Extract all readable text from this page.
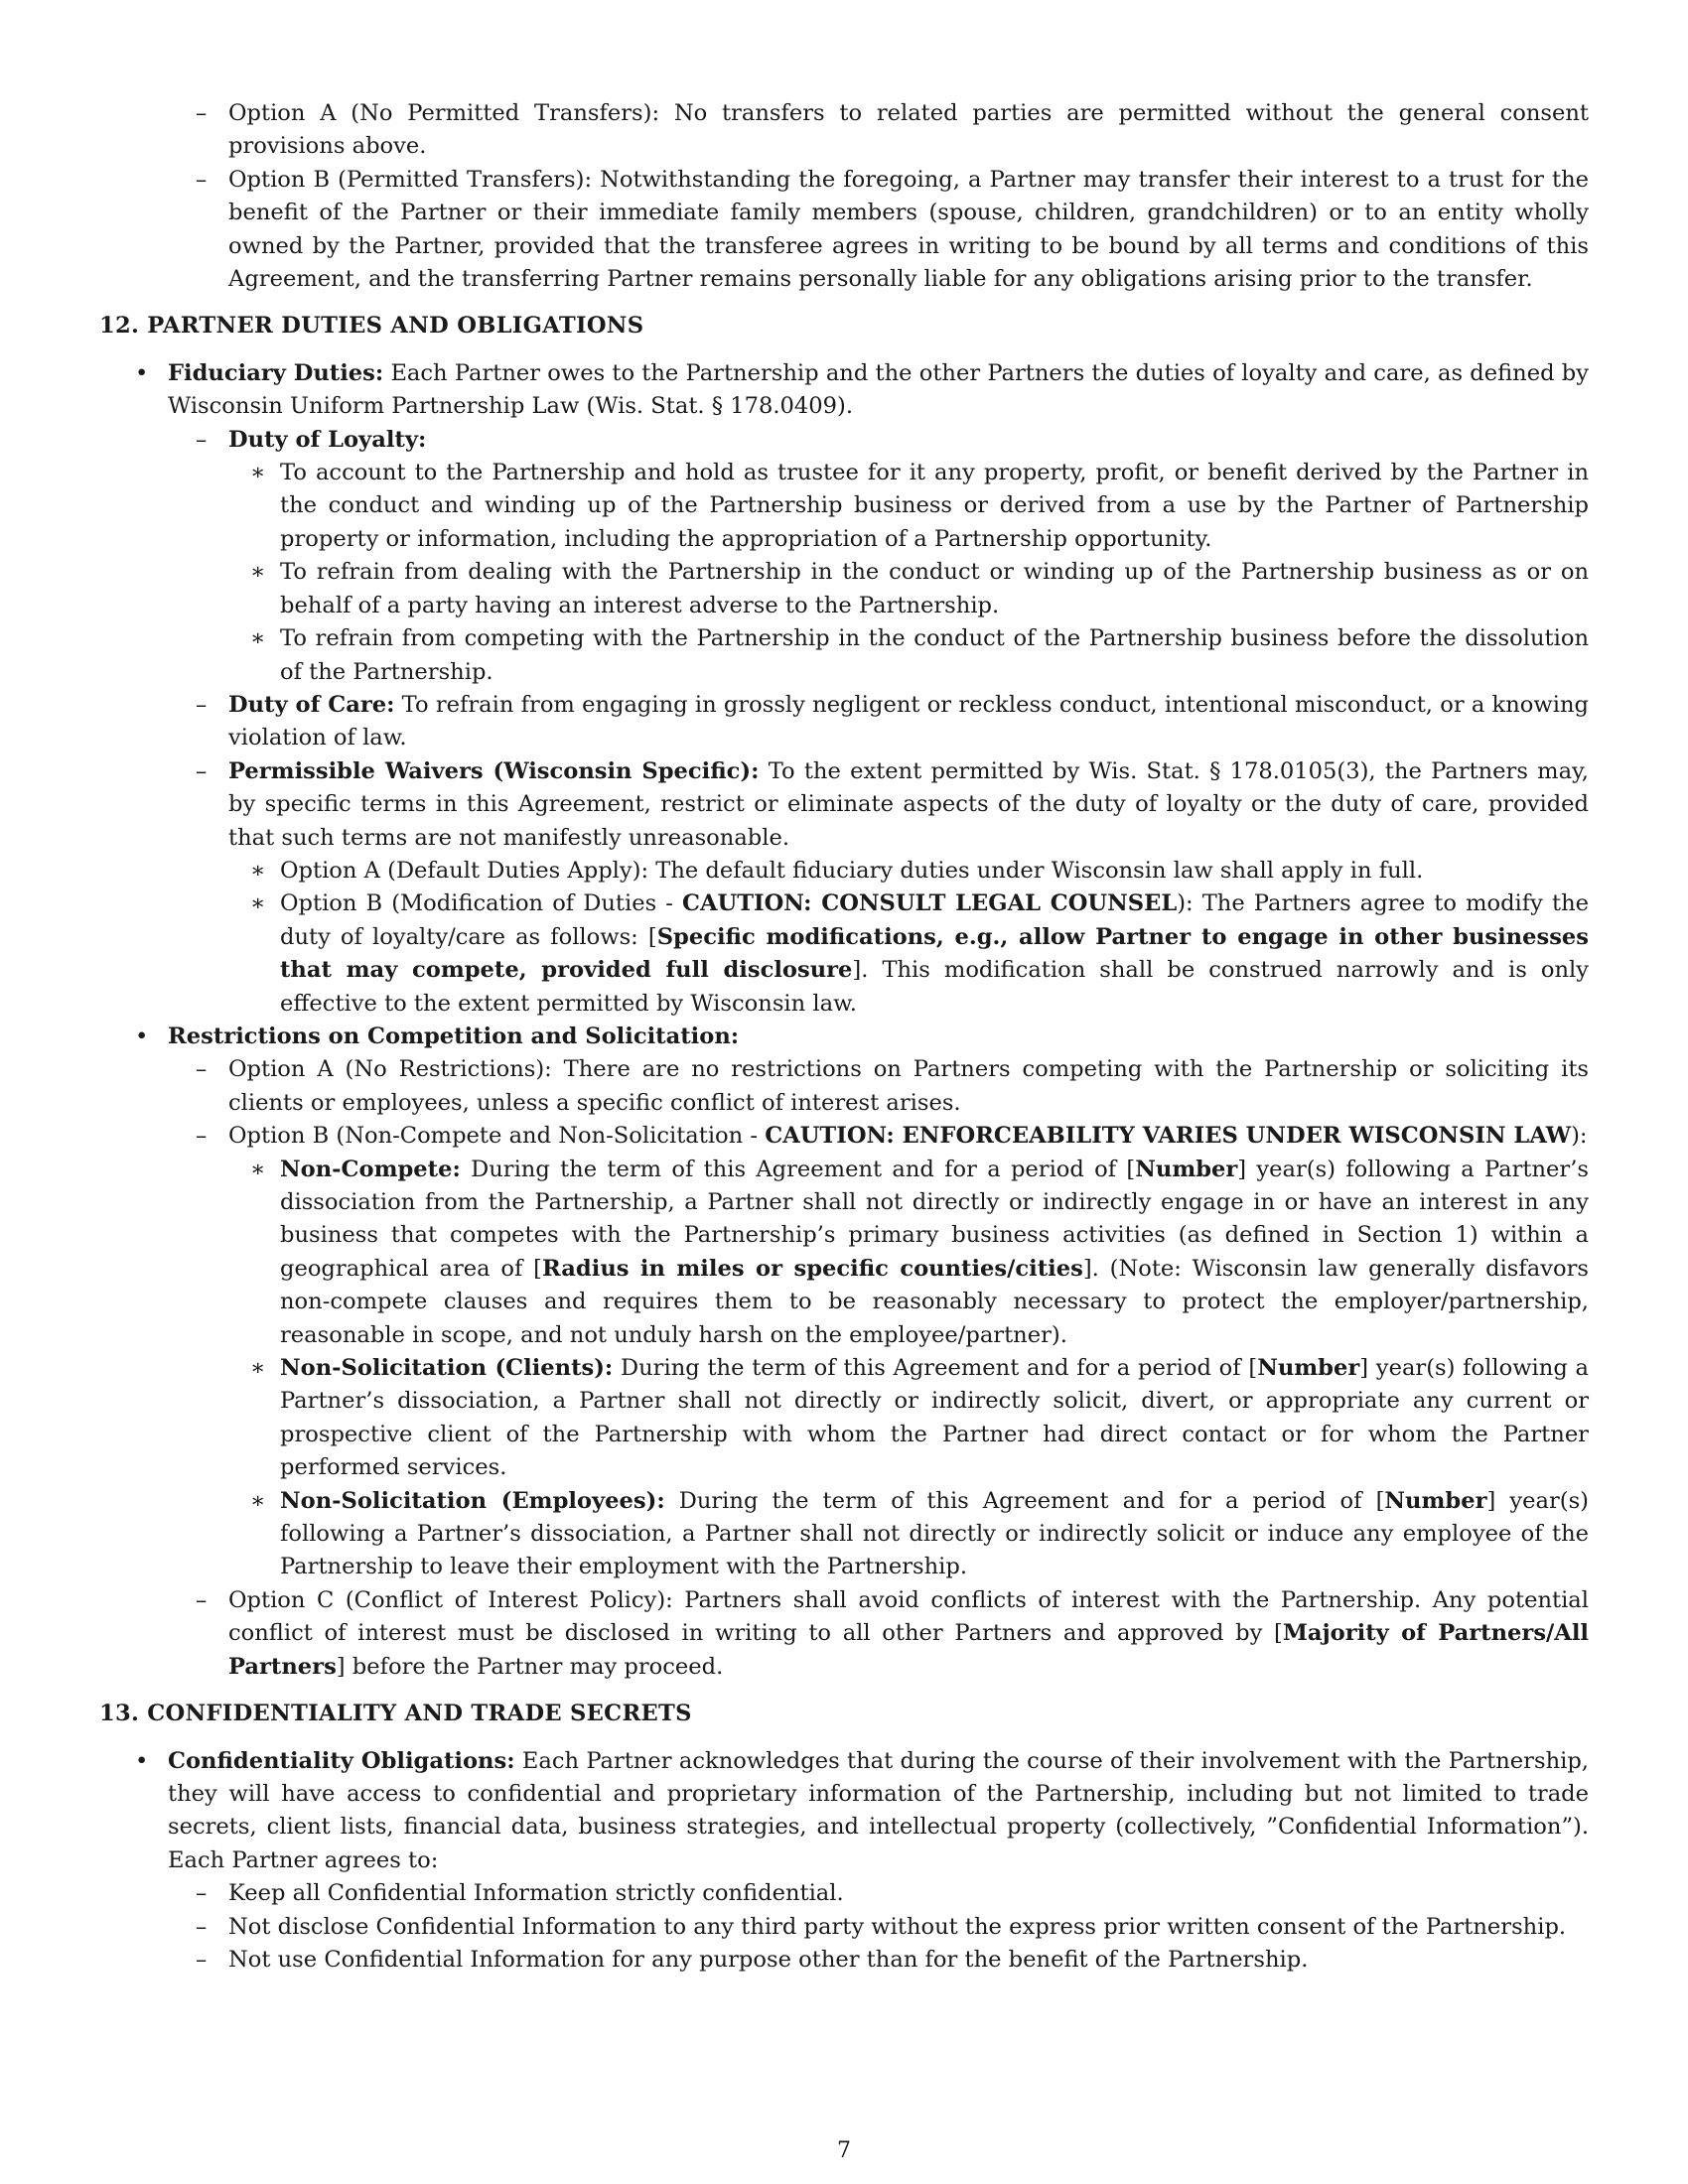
– Option A (No Permitted Transfers): No transfers to related parties are permitted without the general consent provisions above.
– Option B (Permitted Transfers): Notwithstanding the foregoing, a Partner may transfer their interest to a trust for the benefit of the Partner or their immediate family members (spouse, children, grandchildren) or to an entity wholly owned by the Partner, provided that the transferee agrees in writing to be bound by all terms and conditions of this Agreement, and the transferring Partner remains personally liable for any obligations arising prior to the transfer.
12. PARTNER DUTIES AND OBLIGATIONS
• Fiduciary Duties: Each Partner owes to the Partnership and the other Partners the duties of loyalty and care, as defined by Wisconsin Uniform Partnership Law (Wis. Stat. § 178.0409).
– Duty of Loyalty:
∗ To account to the Partnership and hold as trustee for it any property, profit, or benefit derived by the Partner in the conduct and winding up of the Partnership business or derived from a use by the Partner of Partnership property or information, including the appropriation of a Partnership opportunity.
∗ To refrain from dealing with the Partnership in the conduct or winding up of the Partnership business as or on behalf of a party having an interest adverse to the Partnership.
∗ To refrain from competing with the Partnership in the conduct of the Partnership business before the dissolution of the Partnership.
– Duty of Care: To refrain from engaging in grossly negligent or reckless conduct, intentional misconduct, or a knowing violation of law.
– Permissible Waivers (Wisconsin Specific): To the extent permitted by Wis. Stat. § 178.0105(3), the Partners may, by specific terms in this Agreement, restrict or eliminate aspects of the duty of loyalty or the duty of care, provided that such terms are not manifestly unreasonable.
∗ Option A (Default Duties Apply): The default fiduciary duties under Wisconsin law shall apply in full.
∗ Option B (Modification of Duties - CAUTION: CONSULT LEGAL COUNSEL): The Partners agree to modify the duty of loyalty/care as follows: [Specific modifications, e.g., allow Partner to engage in other businesses that may compete, provided full disclosure]. This modification shall be construed narrowly and is only effective to the extent permitted by Wisconsin law.
• Restrictions on Competition and Solicitation:
– Option A (No Restrictions): There are no restrictions on Partners competing with the Partnership or soliciting its clients or employees, unless a specific conflict of interest arises.
– Option B (Non-Compete and Non-Solicitation - CAUTION: ENFORCEABILITY VARIES UNDER WISCONSIN LAW):
∗ Non-Compete: During the term of this Agreement and for a period of [Number] year(s) following a Partner’s dissociation from the Partnership, a Partner shall not directly or indirectly engage in or have an interest in any business that competes with the Partnership’s primary business activities (as defined in Section 1) within a geographical area of [Radius in miles or specific counties/cities]. (Note: Wisconsin law generally disfavors non-compete clauses and requires them to be reasonably necessary to protect the employer/partnership, reasonable in scope, and not unduly harsh on the employee/partner).
∗ Non-Solicitation (Clients): During the term of this Agreement and for a period of [Number] year(s) following a Partner’s dissociation, a Partner shall not directly or indirectly solicit, divert, or appropriate any current or prospective client of the Partnership with whom the Partner had direct contact or for whom the Partner performed services.
∗ Non-Solicitation (Employees): During the term of this Agreement and for a period of [Number] year(s) following a Partner’s dissociation, a Partner shall not directly or indirectly solicit or induce any employee of the Partnership to leave their employment with the Partnership.
– Option C (Conflict of Interest Policy): Partners shall avoid conflicts of interest with the Partnership. Any potential conflict of interest must be disclosed in writing to all other Partners and approved by [Majority of Partners/All Partners] before the Partner may proceed.
13. CONFIDENTIALITY AND TRADE SECRETS
• Confidentiality Obligations: Each Partner acknowledges that during the course of their involvement with the Partnership, they will have access to confidential and proprietary information of the Partnership, including but not limited to trade secrets, client lists, financial data, business strategies, and intellectual property (collectively, ”Confidential Information”). Each Partner agrees to:
– Keep all Confidential Information strictly confidential.
– Not disclose Confidential Information to any third party without the express prior written consent of the Partnership.
– Not use Confidential Information for any purpose other than for the benefit of the Partnership.
7
